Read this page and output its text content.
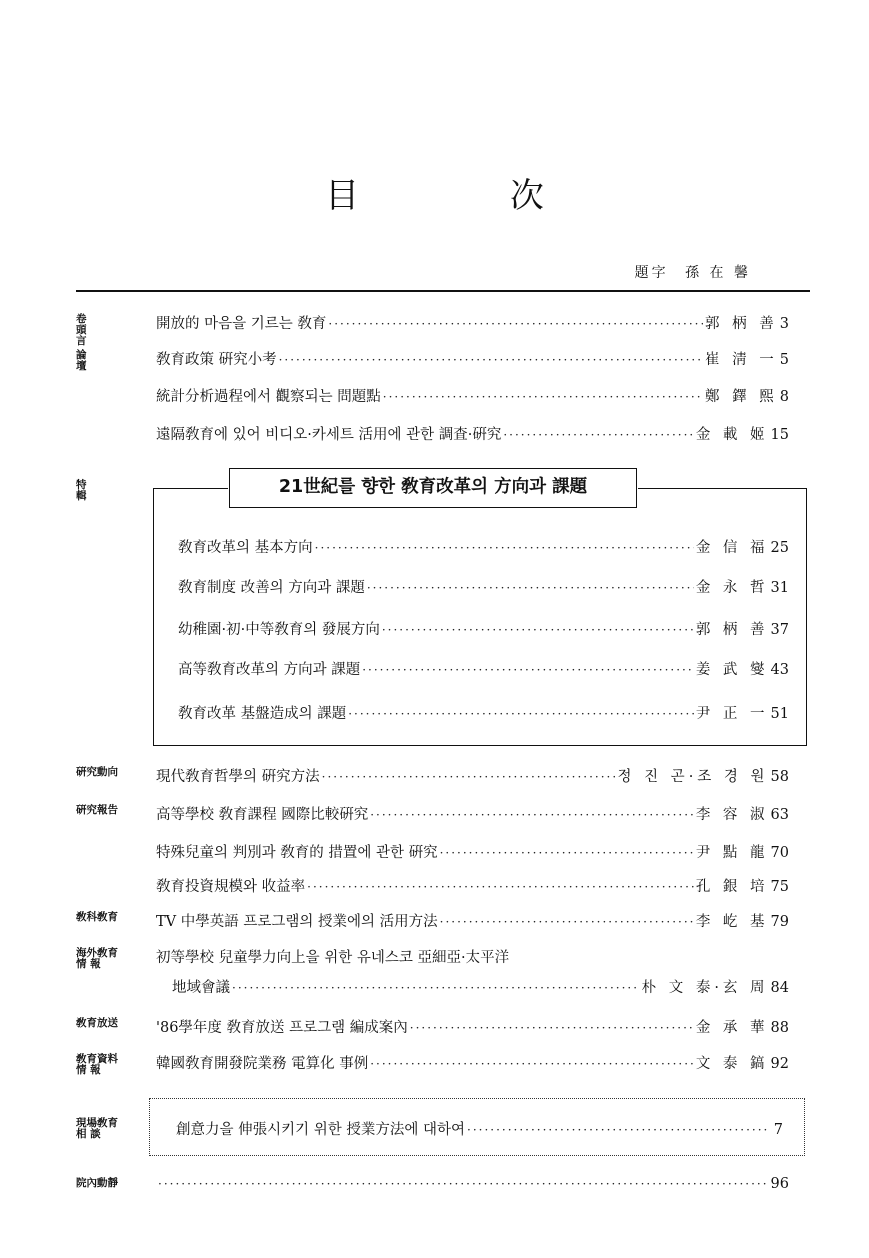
目 次
題字 孫 在 馨
卷 頭 言
開放的 마음을 기르는 敎育 ·····	郭 柄 善 3
論 壇	敎育政策 硏究小考 ·····	崔 淸 一 5
統計分析過程에서 觀察되는 問題點 ·····	鄭 鐸 熙 8
遠隔敎育에 있어 비디오·카세트 活用에 관한 調査·硏究 ·····	金 載 姬 15
特 輯	21世紀를 향한 敎育改革의 方向과 課題
敎育改革의 基本方向 ·····	金 信 福 25
敎育制度 改善의 方向과 課題 ·····	金 永 哲 31
幼稚園·初·中等敎育의 發展方向 ·····	郭 柄 善 37
高等敎育改革의 方向과 課題 ·····	姜 武 燮 43
敎育改革 基盤造成의 課題 ·····	尹 正 一 51
硏究動向	現代敎育哲學의 硏究方法 ·····	정 진 곤·조 경 원 58
硏究報告	高等學校 敎育課程 國際比較硏究 ·····	李 容 淑 63
特殊兒童의 判別과 敎育的 措置에 관한 硏究 ·····	尹 點 龍 70
敎育投資規模와 收益率 ·····	孔 銀 培 75
敎科敎育	TV 中學英語 프로그램의 授業에의 活用方法 ·····	李 屹 基 79
海外敎育 情 報	初等學校 兒童學力向上을 위한 유네스코 亞細亞·太平洋
地域會議 ·····	朴 文 泰·玄 周 84
敎育放送	'86學年度 敎育放送 프로그램 編成案內 ·····	金 承 華 88
敎育資料 情 報	韓國敎育開發院業務 電算化 事例 ·····	文 泰 鎬 92
現場敎育 相 談	創意力을 伸張시키기 위한 授業方法에 대하여 ·····	7
院內動靜 ·····	96
